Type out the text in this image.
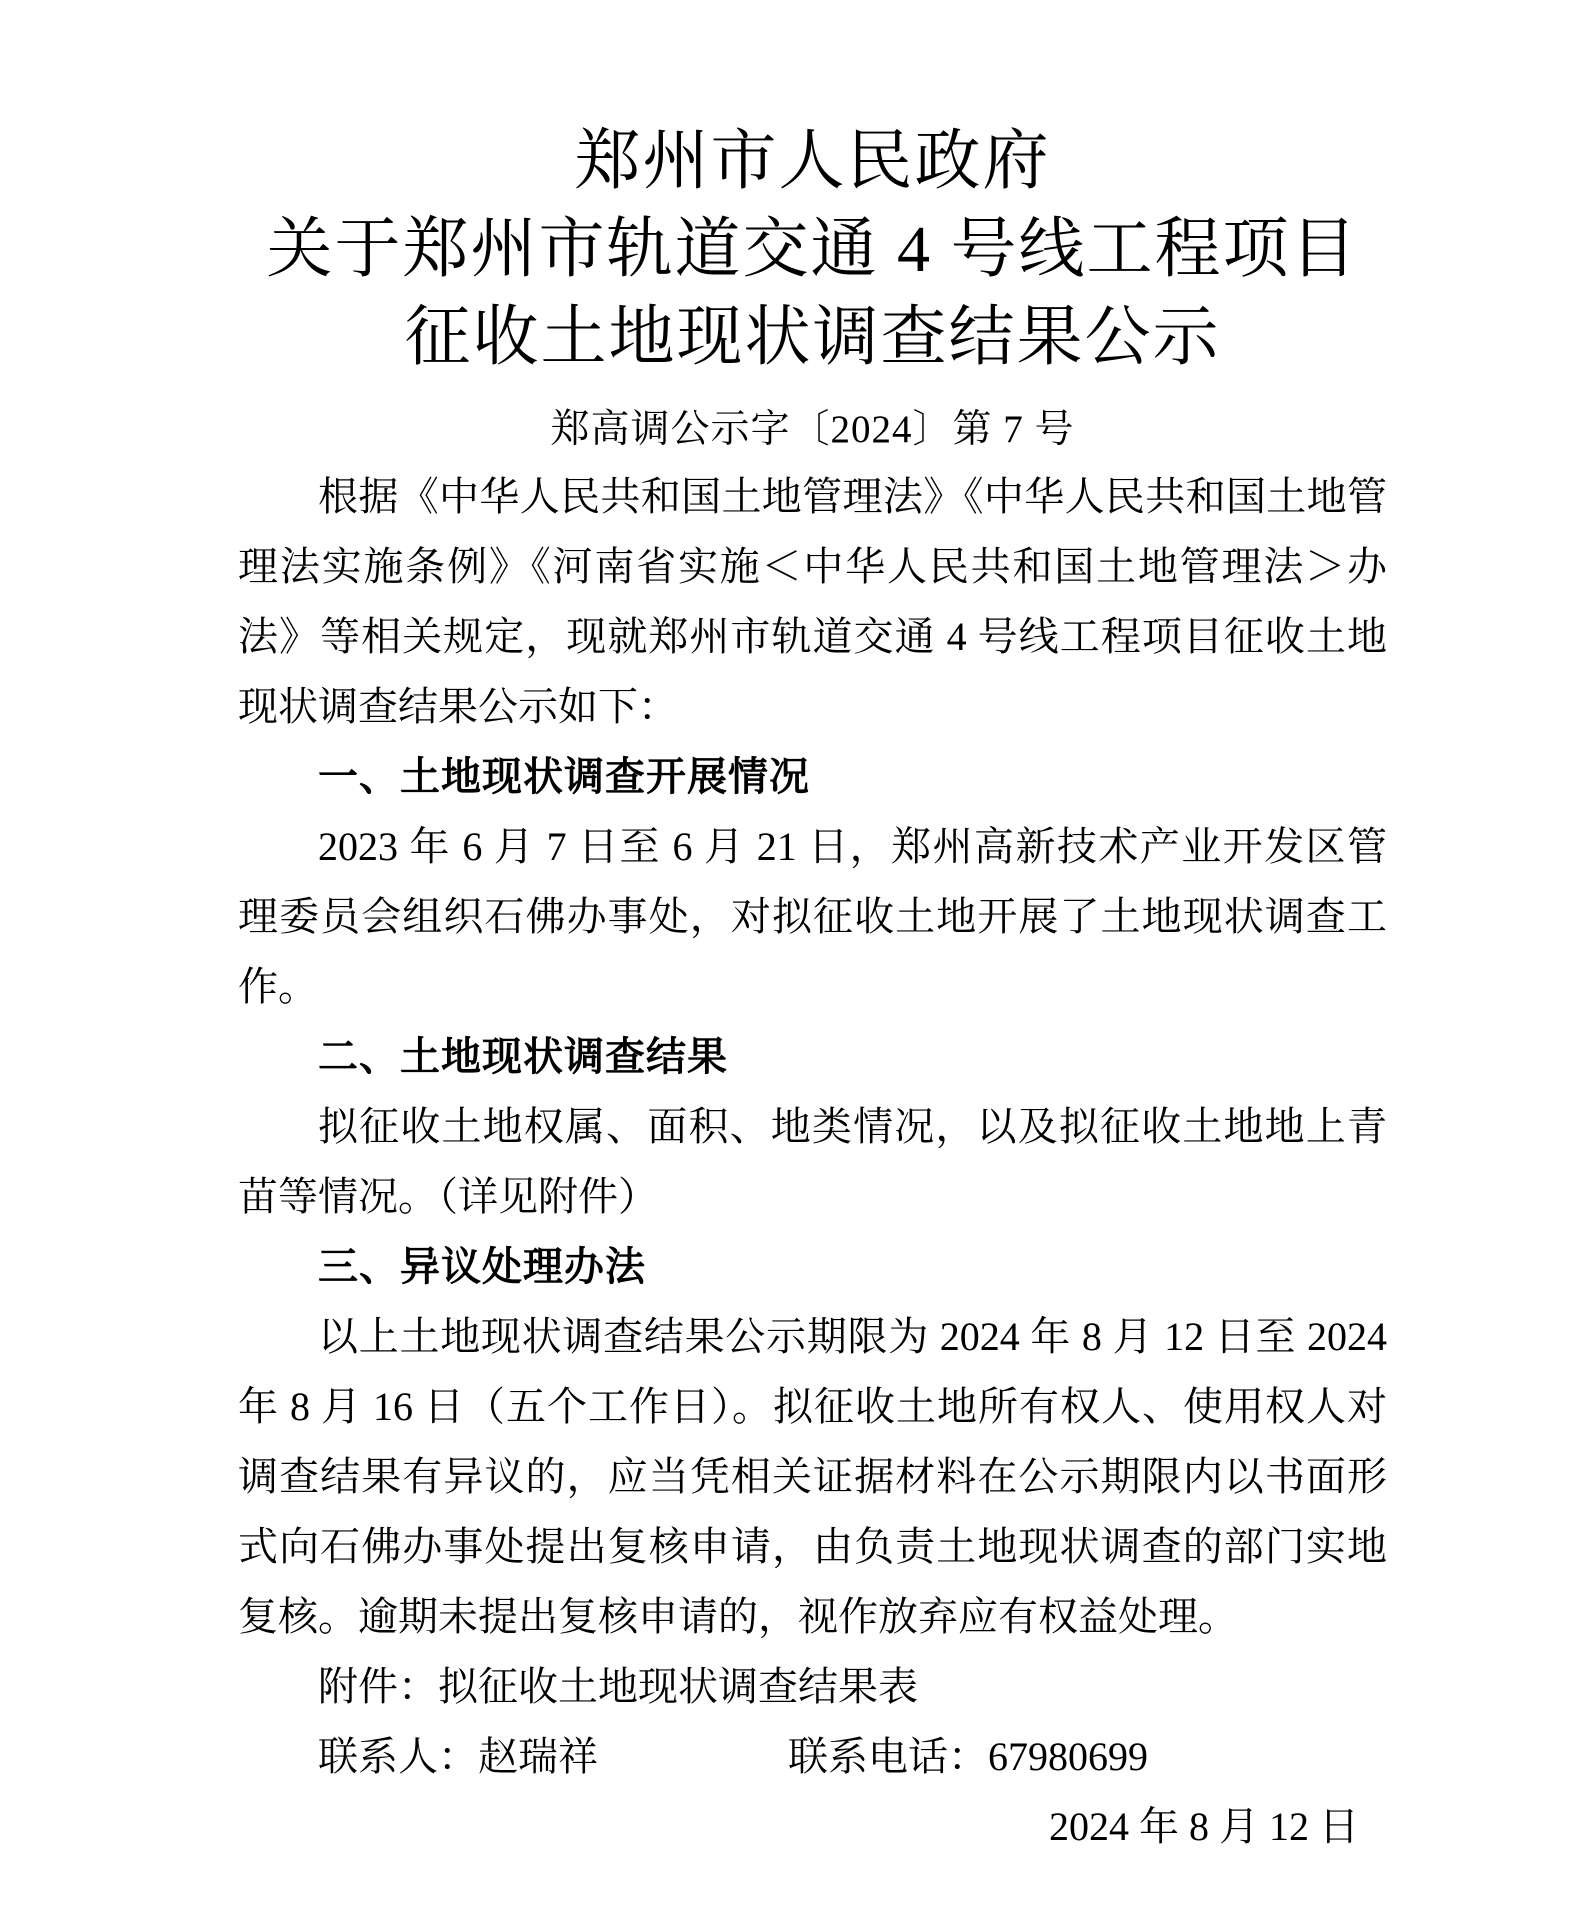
郑州市人民政府
关于郑州市轨道交通 4 号线工程项目
征收土地现状调查结果公示
郑高调公示字〔2024〕第 7 号

根据《中华人民共和国土地管理法》《中华人民共和国土地管理法实施条例》《河南省实施＜中华人民共和国土地管理法＞办法》等相关规定，现就郑州市轨道交通 4 号线工程项目征收土地现状调查结果公示如下：

一、土地现状调查开展情况

2023 年 6 月 7 日至 6 月 21 日，郑州高新技术产业开发区管理委员会组织石佛办事处，对拟征收土地开展了土地现状调查工作。

二、土地现状调查结果

拟征收土地权属、面积、地类情况，以及拟征收土地地上青苗等情况。（详见附件）

三、异议处理办法

以上土地现状调查结果公示期限为 2024 年 8 月 12 日至 2024 年 8 月 16 日（五个工作日）。拟征收土地所有权人、使用权人对调查结果有异议的，应当凭相关证据材料在公示期限内以书面形式向石佛办事处提出复核申请，由负责土地现状调查的部门实地复核。逾期未提出复核申请的，视作放弃应有权益处理。

附件：拟征收土地现状调查结果表

联系人：赵瑞祥	联系电话：67980699
2024 年 8 月 12 日
